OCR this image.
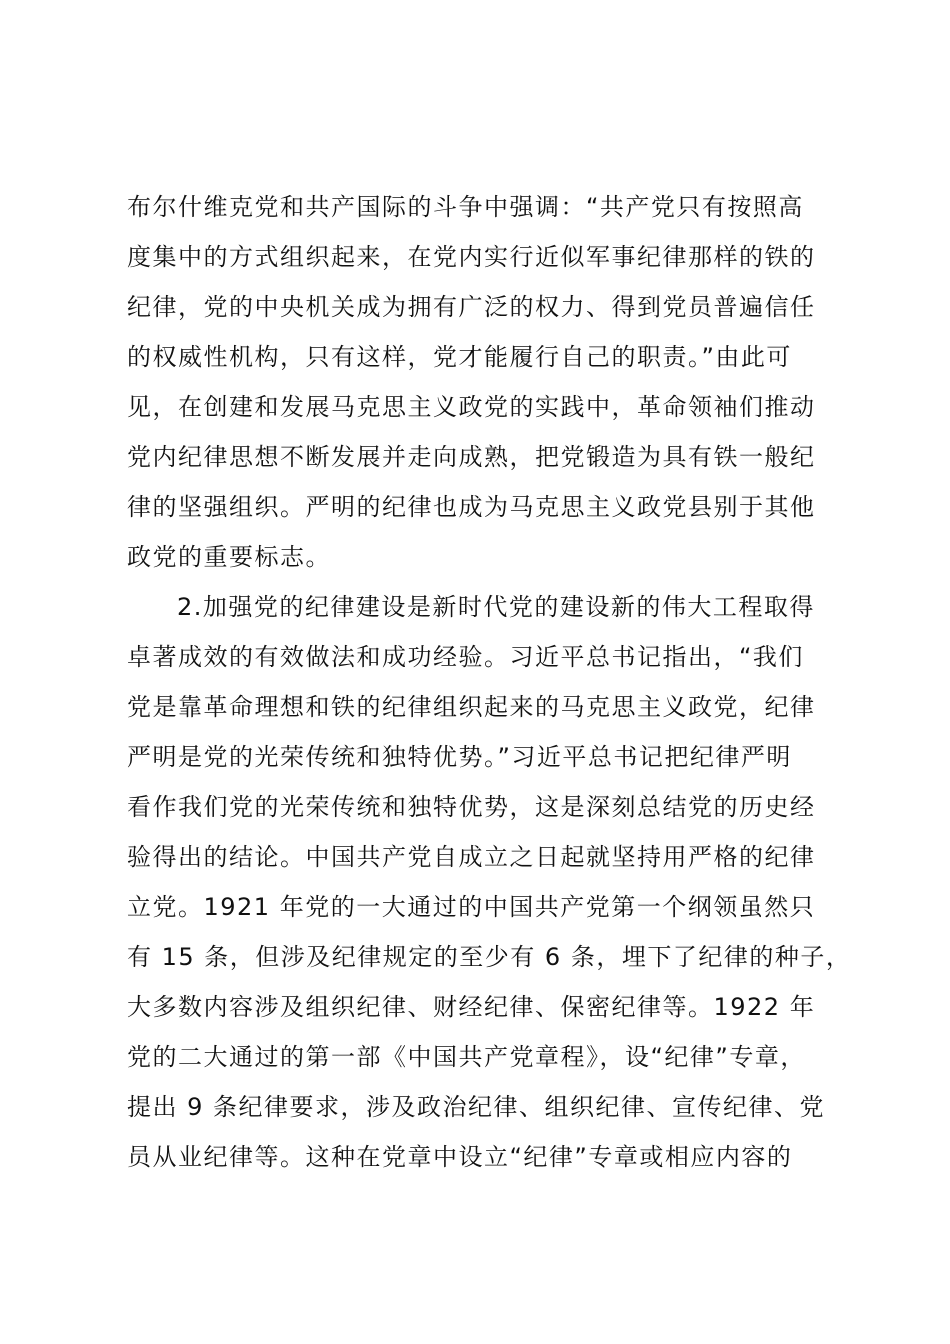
布尔什维克党和共产国际的斗争中强调：“共产党只有按照高
度集中的方式组织起来，在党内实行近似军事纪律那样的铁的
纪律，党的中央机关成为拥有广泛的权力、得到党员普遍信任
的权威性机构，只有这样，党才能履行自己的职责。”由此可
见，在创建和发展马克思主义政党的实践中，革命领袖们推动
党内纪律思想不断发展并走向成熟，把党锻造为具有铁一般纪
律的坚强组织。严明的纪律也成为马克思主义政党县别于其他
政党的重要标志。
2.加强党的纪律建设是新时代党的建设新的伟大工程取得
卓著成效的有效做法和成功经验。习近平总书记指出，“我们
党是靠革命理想和铁的纪律组织起来的马克思主义政党，纪律
严明是党的光荣传统和独特优势。”习近平总书记把纪律严明
看作我们党的光荣传统和独特优势，这是深刻总结党的历史经
验得出的结论。中国共产党自成立之日起就坚持用严格的纪律
立党。1921 年党的一大通过的中国共产党第一个纲领虽然只
有 15 条，但涉及纪律规定的至少有 6 条，埋下了纪律的种子，
大多数内容涉及组织纪律、财经纪律、保密纪律等。1922 年
党的二大通过的第一部《中国共产党章程》，设“纪律”专章，
提出 9 条纪律要求，涉及政治纪律、组织纪律、宣传纪律、党
员从业纪律等。这种在党章中设立“纪律”专章或相应内容的
